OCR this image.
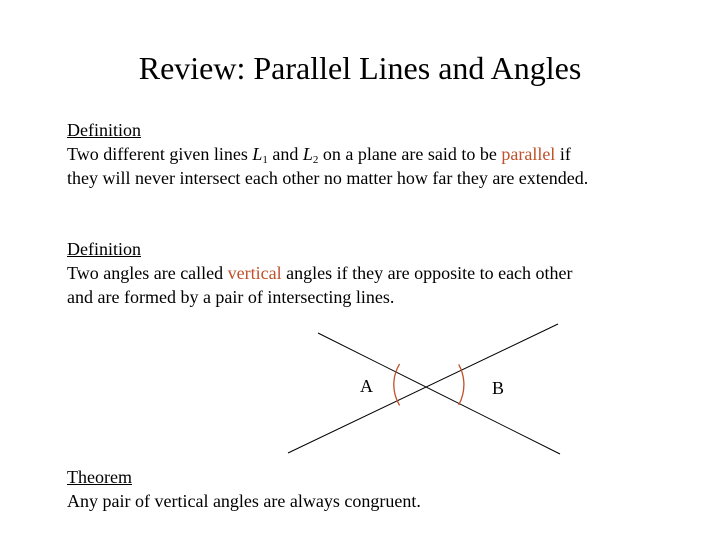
Review: Parallel Lines and Angles
Definition
Two different given lines $L_1$ and $L_2$ on a plane are said to be parallel if
they will never intersect each other no matter how far they are extended.
Definition
Two angles are called vertical angles if they are opposite to each other
and are formed by a pair of intersecting lines.
A	B
Theorem
Any pair of vertical angles are always congruent.
